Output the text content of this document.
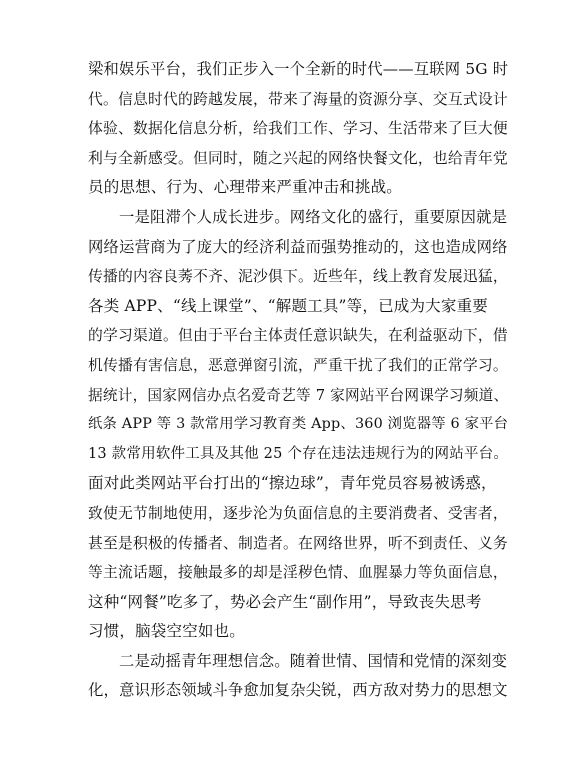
梁和娱乐平台，我们正步入一个全新的时代——互联网 5G 时
代。信息时代的跨越发展，带来了海量的资源分享、交互式设计
体验、数据化信息分析，给我们工作、学习、生活带来了巨大便
利与全新感受。但同时，随之兴起的网络快餐文化，也给青年党
员的思想、行为、心理带来严重冲击和挑战。
一是阻滞个人成长进步。网络文化的盛行，重要原因就是
网络运营商为了庞大的经济利益而强势推动的，这也造成网络
传播的内容良莠不齐、泥沙俱下。近些年，线上教育发展迅猛，
各类 APP、“线上课堂”、“解题工具”等，已成为大家重要
的学习渠道。但由于平台主体责任意识缺失，在利益驱动下，借
机传播有害信息，恶意弹窗引流，严重干扰了我们的正常学习。
据统计，国家网信办点名爱奇艺等 7 家网站平台网课学习频道、
纸条 APP 等 3 款常用学习教育类 App、360 浏览器等 6 家平台
13 款常用软件工具及其他 25 个存在违法违规行为的网站平台。
面对此类网站平台打出的“擦边球”，青年党员容易被诱惑，
致使无节制地使用，逐步沦为负面信息的主要消费者、受害者，
甚至是积极的传播者、制造者。在网络世界，听不到责任、义务
等主流话题，接触最多的却是淫秽色情、血腥暴力等负面信息，
这种“网餐”吃多了，势必会产生“副作用”，导致丧失思考
习惯，脑袋空空如也。
二是动摇青年理想信念。随着世情、国情和党情的深刻变
化，意识形态领域斗争愈加复杂尖锐，西方敌对势力的思想文
